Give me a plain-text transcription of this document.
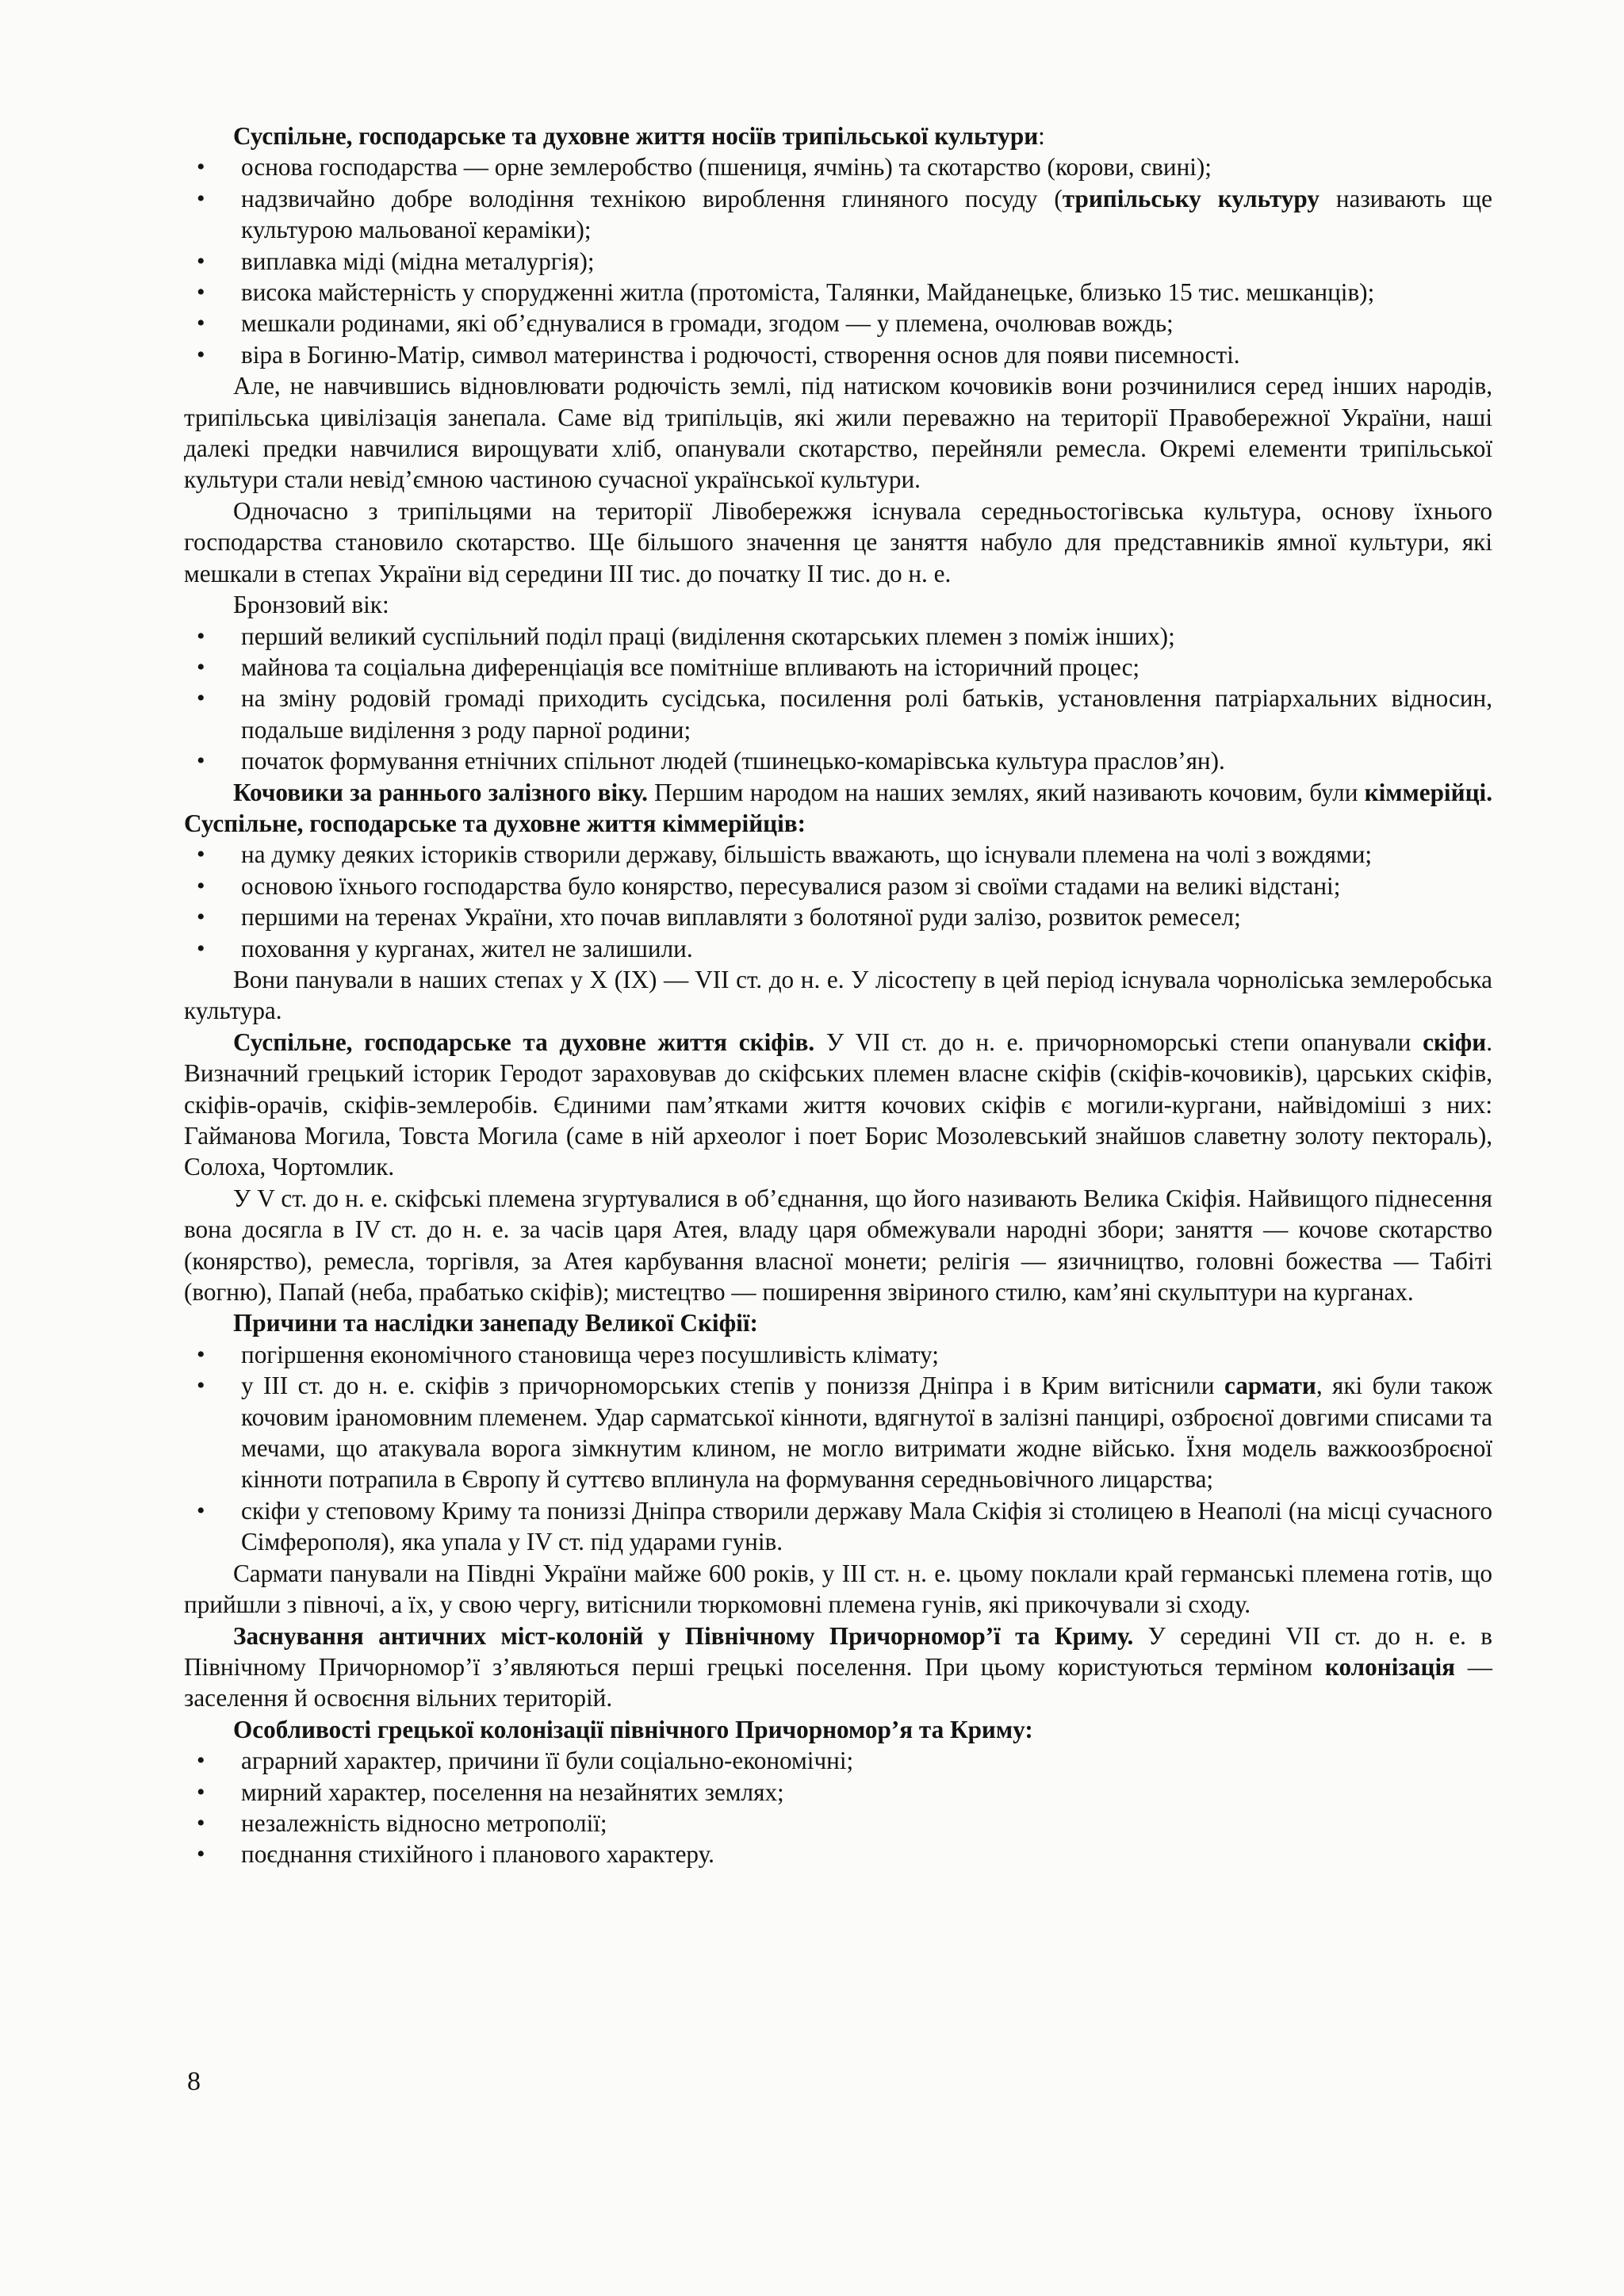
Суспільне, господарське та духовне життя носіїв трипільської культури:

• основа господарства — орне землеробство (пшениця, ячмінь) та скотарство (корови, свині);
• надзвичайно добре володіння технікою вироблення глиняного посуду (трипільську культуру називають ще культурою мальованої кераміки);
• виплавка міді (мідна металургія);
• висока майстерність у спорудженні житла (протоміста, Талянки, Майданецьке, близько 15 тис. мешканців);
• мешкали родинами, які об’єднувалися в громади, згодом — у племена, очолював вождь;
• віра в Богиню-Матір, символ материнства і родючості, створення основ для появи писемності.

Але, не навчившись відновлювати родючість землі, під натиском кочовиків вони розчинилися серед інших народів, трипільська цивілізація занепала. Саме від трипільців, які жили переважно на території Правобережної України, наші далекі предки навчилися вирощувати хліб, опанували скотарство, перейняли ремесла. Окремі елементи трипільської культури стали невід’ємною частиною сучасної української культури.

Одночасно з трипільцями на території Лівобережжя існувала середньостогівська культура, основу їхнього господарства становило скотарство. Ще більшого значення це заняття набуло для представників ямної культури, які мешкали в степах України від середини III тис. до початку II тис. до н. е.

Бронзовий вік:

• перший великий суспільний поділ праці (виділення скотарських племен з поміж інших);
• майнова та соціальна диференціація все помітніше впливають на історичний процес;
• на зміну родовій громаді приходить сусідська, посилення ролі батьків, установлення патріархальних відносин, подальше виділення з роду парної родини;
• початок формування етнічних спільнот людей (тшинецько-комарівська культура праслов’ян).

Кочовики за раннього залізного віку. Першим народом на наших землях, який називають кочовим, були кіммерійці. Суспільне, господарське та духовне життя кіммерійців:

• на думку деяких істориків створили державу, більшість вважають, що існували племена на чолі з вождями;
• основою їхнього господарства було конярство, пересувалися разом зі своїми стадами на великі відстані;
• першими на теренах України, хто почав виплавляти з болотяної руди залізо, розвиток ремесел;
• поховання у курганах, жител не залишили.

Вони панували в наших степах у X (IX) — VII ст. до н. е. У лісостепу в цей період існувала чорноліська землеробська культура.

Суспільне, господарське та духовне життя скіфів. У VII ст. до н. е. причорноморські степи опанували скіфи. Визначний грецький історик Геродот зараховував до скіфських племен власне скіфів (скіфів-кочовиків), царських скіфів, скіфів-орачів, скіфів-землеробів. Єдиними пам’ятками життя кочових скіфів є могили-кургани, найвідоміші з них: Гайманова Могила, Товста Могила (саме в ній археолог і поет Борис Мозолевський знайшов славетну золоту пектораль), Солоха, Чортомлик.

У V ст. до н. е. скіфські племена згуртувалися в об’єднання, що його називають Велика Скіфія. Найвищого піднесення вона досягла в IV ст. до н. е. за часів царя Атея, владу царя обмежували народні збори; заняття — кочове скотарство (конярство), ремесла, торгівля, за Атея карбування власної монети; релігія — язичництво, головні божества — Табіті (вогню), Папай (неба, прабатько скіфів); мистецтво — поширення звіриного стилю, кам’яні скульптури на курганах.

Причини та наслідки занепаду Великої Скіфії:

• погіршення економічного становища через посушливість клімату;
• у III ст. до н. е. скіфів з причорноморських степів у пониззя Дніпра і в Крим витіснили сармати, які були також кочовим іраномовним племенем. Удар сарматської кінноти, вдягнутої в залізні панцирі, озброєної довгими списами та мечами, що атакувала ворога зімкнутим клином, не могло витримати жодне військо. Їхня модель важкоозброєної кінноти потрапила в Європу й суттєво вплинула на формування середньовічного лицарства;
• скіфи у степовому Криму та пониззі Дніпра створили державу Мала Скіфія зі столицею в Неаполі (на місці сучасного Сімферополя), яка упала у IV ст. під ударами гунів.

Сармати панували на Півдні України майже 600 років, у III ст. н. е. цьому поклали край германські племена готів, що прийшли з півночі, а їх, у свою чергу, витіснили тюркомовні племена гунів, які прикочували зі сходу.

Заснування античних міст-колоній у Північному Причорномор’ї та Криму. У середині VII ст. до н. е. в Північному Причорномор’ї з’являються перші грецькі поселення. При цьому користуються терміном колонізація — заселення й освоєння вільних територій.

Особливості грецької колонізації північного Причорномор’я та Криму:

• аграрний характер, причини її були соціально-економічні;
• мирний характер, поселення на незайнятих землях;
• незалежність відносно метрополії;
• поєднання стихійного і планового характеру.
8
